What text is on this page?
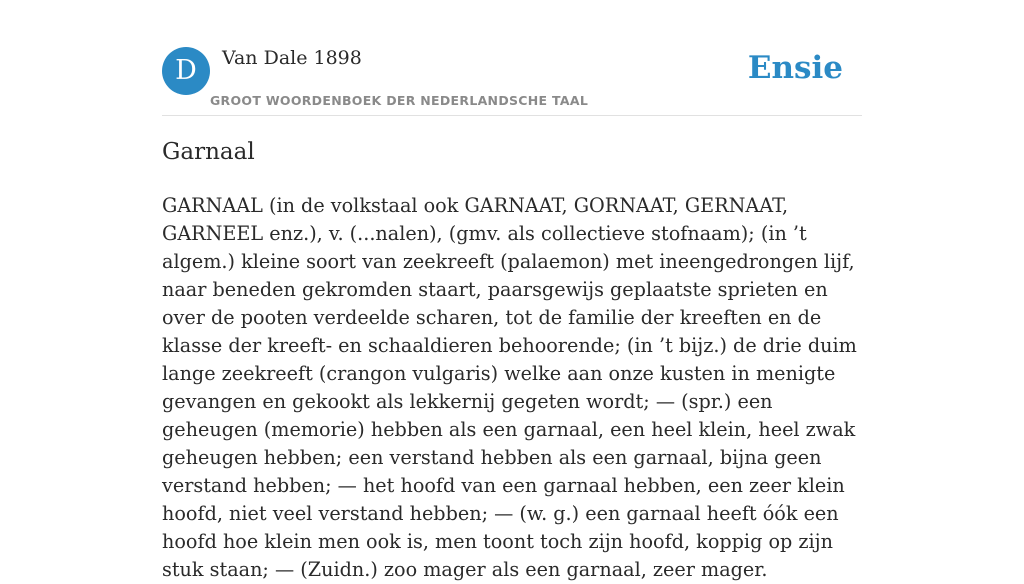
D	Van Dale 1898
GROOT WOORDENBOEK DER NEDERLANDSCHE TAAL
Ensie
Garnaal

GARNAAL (in de volkstaal ook GARNAAT, GORNAAT, GERNAAT, GARNEEL enz.), v. (...nalen), (gmv. als collectieve stofnaam); (in ’t algem.) kleine soort van zeekreeft (palaemon) met ineengedrongen lijf, naar beneden gekromden staart, paarsgewijs geplaatste sprieten en over de pooten verdeelde scharen, tot de familie der kreeften en de klasse der kreeft- en schaaldieren behoorende; (in ’t bijz.) de drie duim lange zeekreeft (crangon vulgaris) welke aan onze kusten in menigte gevangen en gekookt als lekkernij gegeten wordt; — (spr.) een geheugen (memorie) hebben als een garnaal, een heel klein, heel zwak geheugen hebben; een verstand hebben als een garnaal, bijna geen verstand hebben; — het hoofd van een garnaal hebben, een zeer klein hoofd, niet veel verstand hebben; — (w. g.) een garnaal heeft óók een hoofd hoe klein men ook is, men toont toch zijn hoofd, koppig op zijn stuk staan; — (Zuidn.) zoo mager als een garnaal, zeer mager.
